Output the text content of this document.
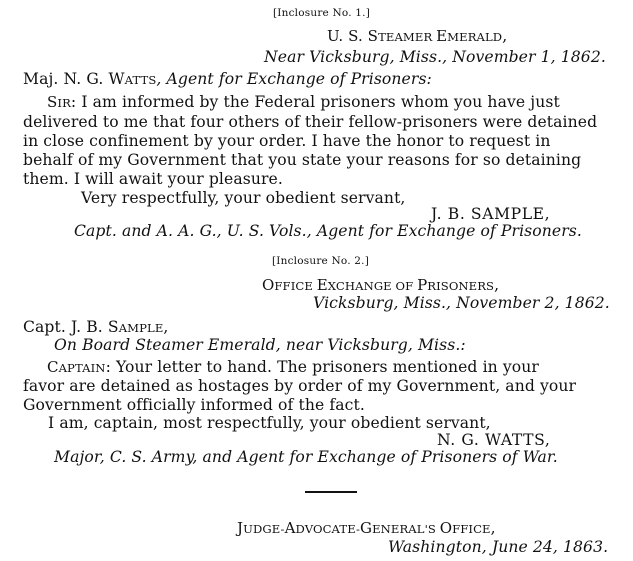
[Inclosure No. 1.]
U. S. STEAMER EMERALD,
Near Vicksburg, Miss., November 1, 1862.
Maj. N. G. WATTS, Agent for Exchange of Prisoners:
SIR: I am informed by the Federal prisoners whom you have just
delivered to me that four others of their fellow-prisoners were detained
in close confinement by your order. I have the honor to request in
behalf of my Government that you state your reasons for so detaining
them. I will await your pleasure.
Very respectfully, your obedient servant,
J. B. SAMPLE,
Capt. and A. A. G., U. S. Vols., Agent for Exchange of Prisoners.
[Inclosure No. 2.]
OFFICE EXCHANGE OF PRISONERS,
Vicksburg, Miss., November 2, 1862.
Capt. J. B. SAMPLE,
On Board Steamer Emerald, near Vicksburg, Miss.:
CAPTAIN: Your letter to hand. The prisoners mentioned in your
favor are detained as hostages by order of my Government, and your
Government officially informed of the fact.
I am, captain, most respectfully, your obedient servant,
N. G. WATTS,
Major, C. S. Army, and Agent for Exchange of Prisoners of War.
JUDGE-ADVOCATE-GENERAL'S OFFICE,
Washington, June 24, 1863.
